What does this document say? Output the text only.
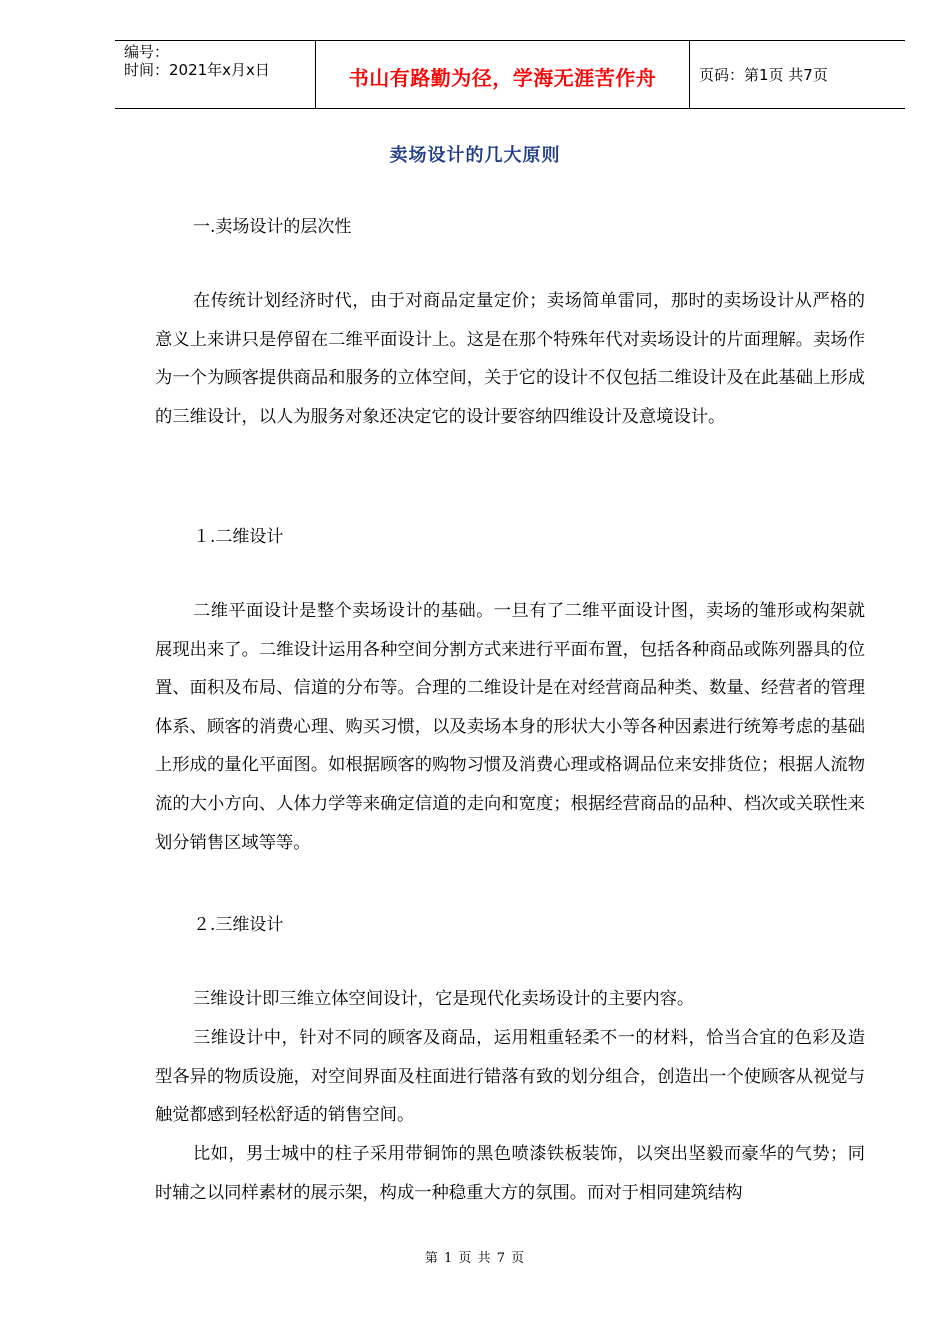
编号：
时间：2021年x月x日	书山有路勤为径，学海无涯苦作舟	页码：第1页 共7页
卖场设计的几大原则

一.卖场设计的层次性

在传统计划经济时代，由于对商品定量定价；卖场简单雷同，那时的卖场设计从严格的意义上来讲只是停留在二维平面设计上。这是在那个特殊年代对卖场设计的片面理解。卖场作为一个为顾客提供商品和服务的立体空间，关于它的设计不仅包括二维设计及在此基础上形成的三维设计，以人为服务对象还决定它的设计要容纳四维设计及意境设计。

１.二维设计

二维平面设计是整个卖场设计的基础。一旦有了二维平面设计图，卖场的雏形或构架就展现出来了。二维设计运用各种空间分割方式来进行平面布置，包括各种商品或陈列器具的位置、面积及布局、信道的分布等。合理的二维设计是在对经营商品种类、数量、经营者的管理体系、顾客的消费心理、购买习惯，以及卖场本身的形状大小等各种因素进行统筹考虑的基础上形成的量化平面图。如根据顾客的购物习惯及消费心理或格调品位来安排货位；根据人流物流的大小方向、人体力学等来确定信道的走向和宽度；根据经营商品的品种、档次或关联性来划分销售区域等等。

２.三维设计

三维设计即三维立体空间设计，它是现代化卖场设计的主要内容。

三维设计中，针对不同的顾客及商品，运用粗重轻柔不一的材料，恰当合宜的色彩及造型各异的物质设施，对空间界面及柱面进行错落有致的划分组合，创造出一个使顾客从视觉与触觉都感到轻松舒适的销售空间。

比如，男士城中的柱子采用带铜饰的黑色喷漆铁板装饰，以突出坚毅而豪华的气势；同时辅之以同样素材的展示架，构成一种稳重大方的氛围。而对于相同建筑结构

第 1 页 共 7 页
